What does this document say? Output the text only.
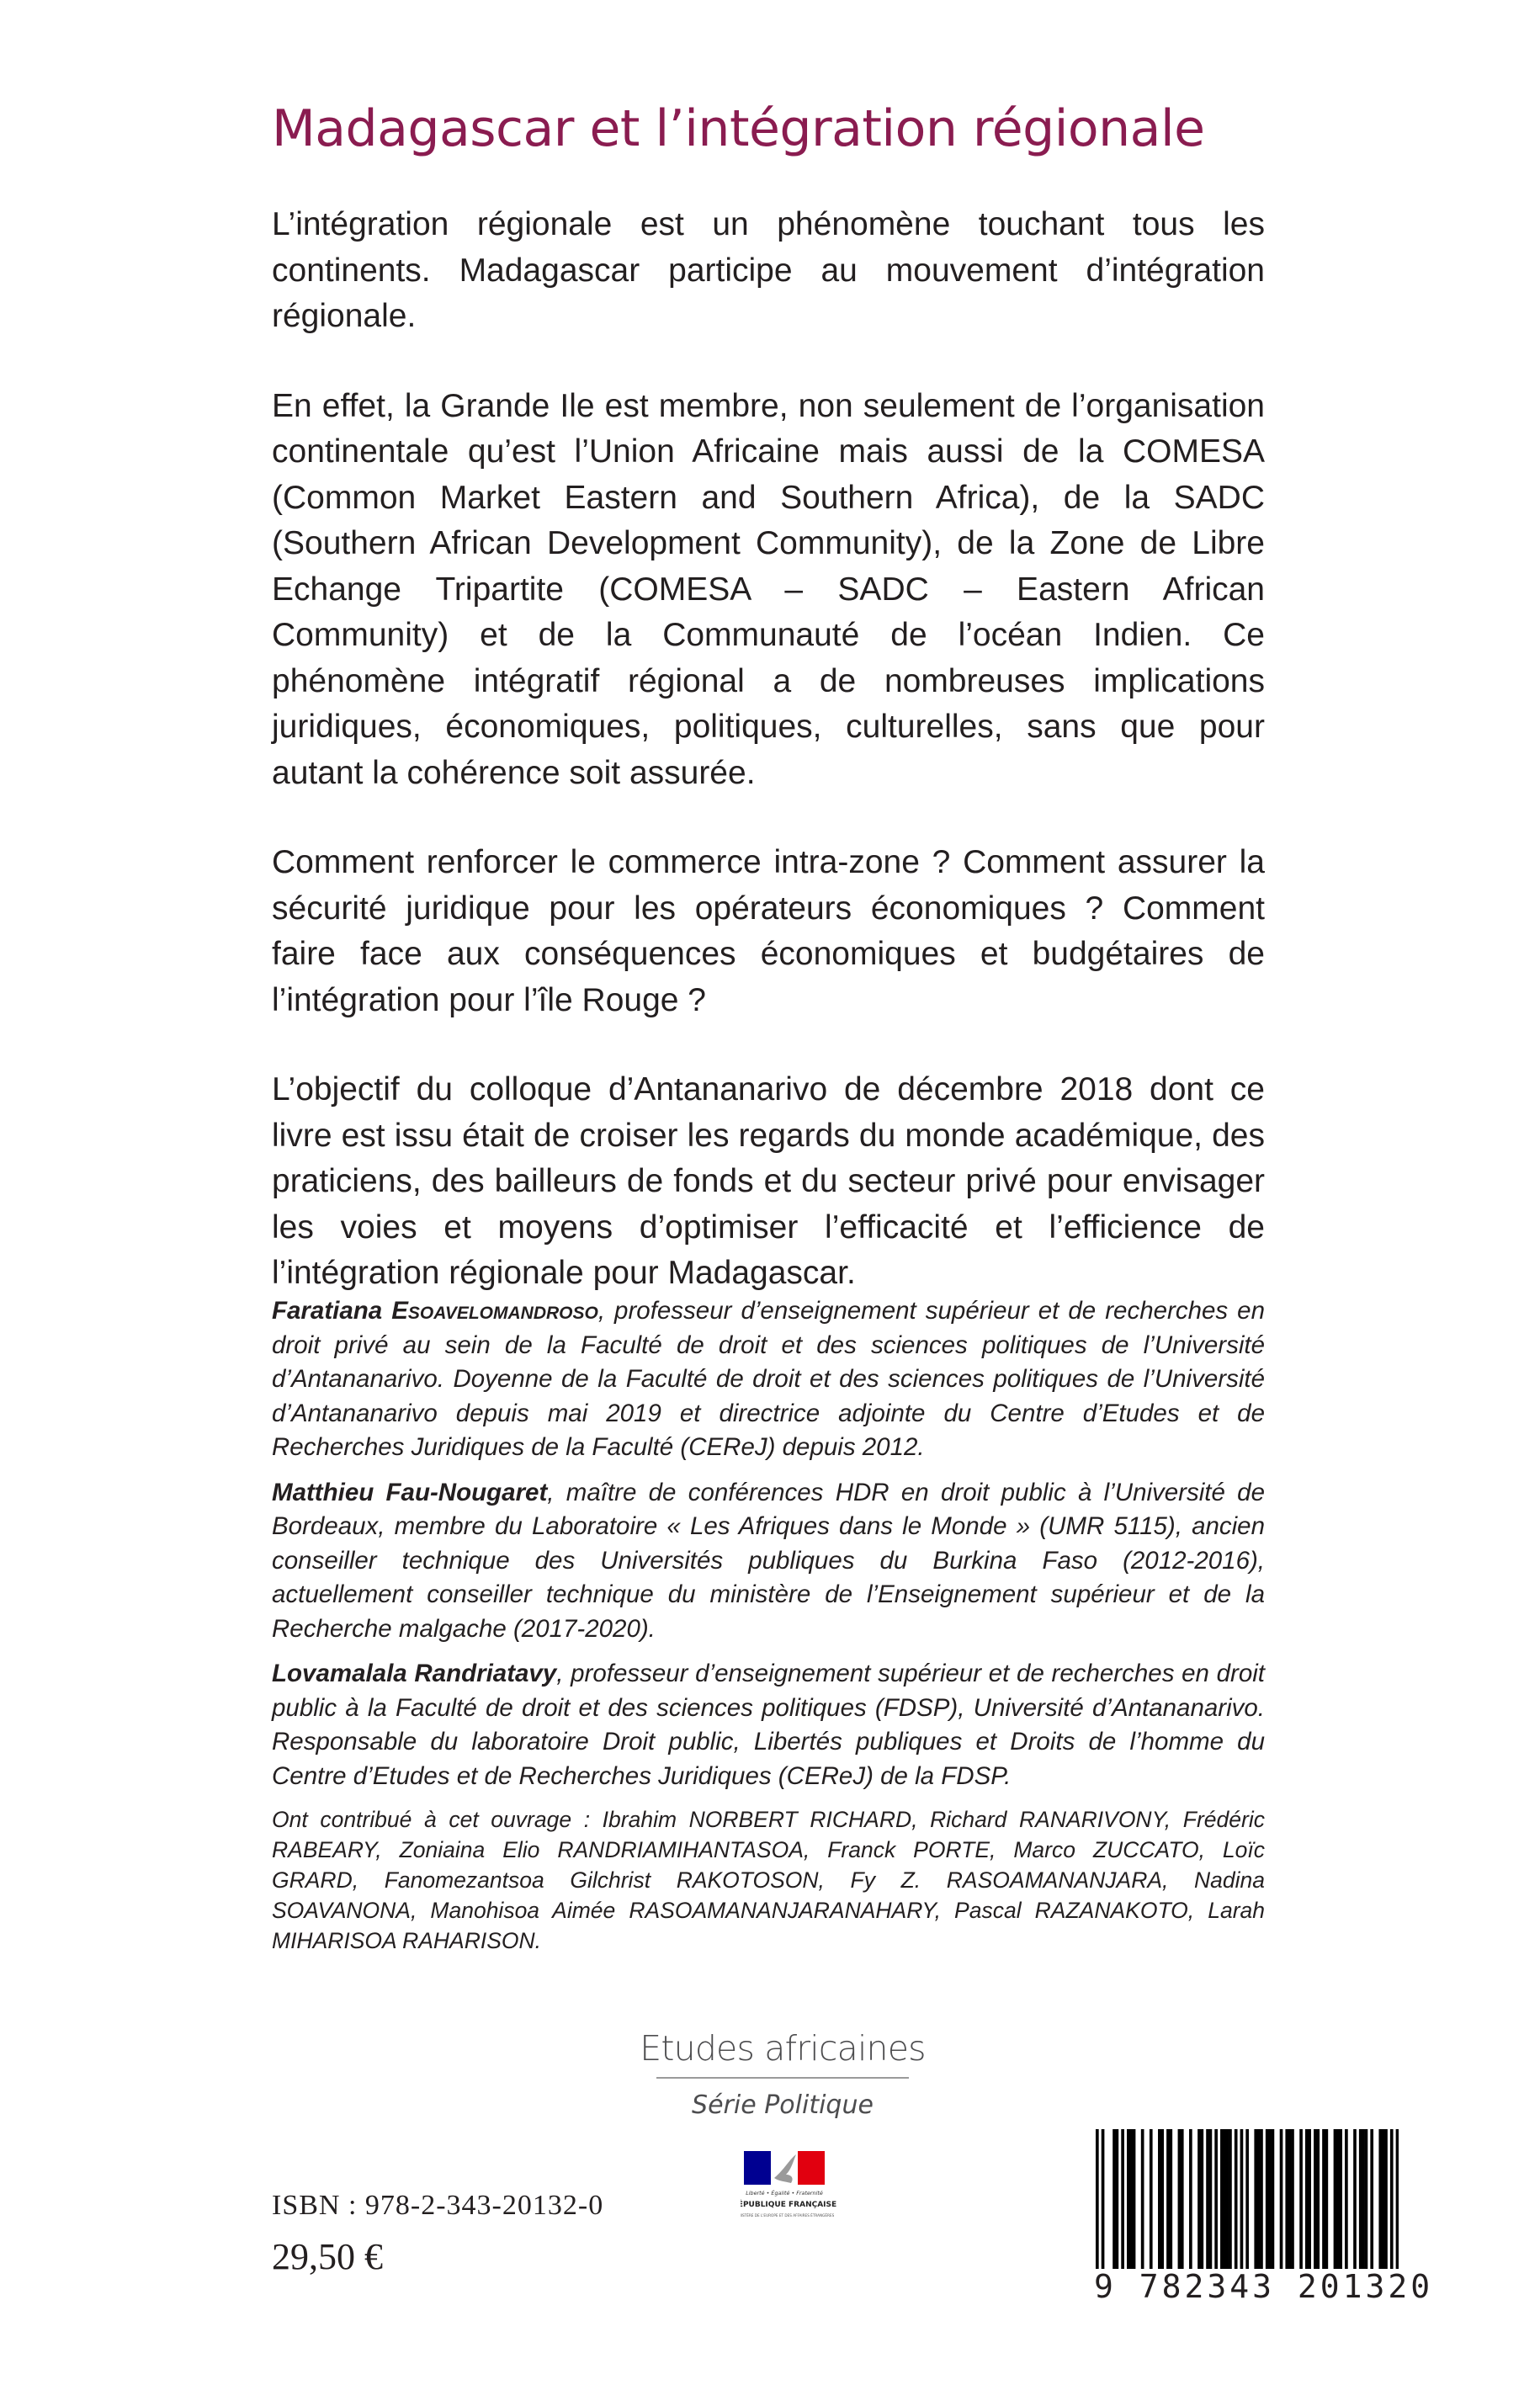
Madagascar et l’intégration régionale

L’intégration régionale est un phénomène touchant tous les continents. Madagascar participe au mouvement d’intégration régionale.

En effet, la Grande Ile est membre, non seulement de l’organisation continentale qu’est l’Union Africaine mais aussi de la COMESA (Common Market Eastern and Southern Africa), de la SADC (Southern African Development Community), de la Zone de Libre Echange Tripartite (COMESA – SADC – Eastern African Community) et de la Communauté de l’océan Indien. Ce phénomène intégratif régional a de nombreuses implications juridiques, économiques, politiques, culturelles, sans que pour autant la cohérence soit assurée.

Comment renforcer le commerce intra-zone ? Comment assurer la sécurité juridique pour les opérateurs économiques ? Comment faire face aux conséquences économiques et budgétaires de l’intégration pour l’île Rouge ?

L’objectif du colloque d’Antananarivo de décembre 2018 dont ce livre est issu était de croiser les regards du monde académique, des praticiens, des bailleurs de fonds et du secteur privé pour envisager les voies et moyens d’optimiser l’efficacité et l’efficience de l’intégration régionale pour Madagascar.

Faratiana Esoavelomandroso, professeur d’enseignement supérieur et de recherches en droit privé au sein de la Faculté de droit et des sciences politiques de l’Université d’Antananarivo. Doyenne de la Faculté de droit et des sciences politiques de l’Université d’Antananarivo depuis mai 2019 et directrice adjointe du Centre d’Etudes et de Recherches Juridiques de la Faculté (CEReJ) depuis 2012.

Matthieu Fau-Nougaret, maître de conférences HDR en droit public à l’Université de Bordeaux, membre du Laboratoire « Les Afriques dans le Monde » (UMR 5115), ancien conseiller technique des Universités publiques du Burkina Faso (2012-2016), actuellement conseiller technique du ministère de l’Enseignement supérieur et de la Recherche malgache (2017-2020).

Lovamalala Randriatavy, professeur d’enseignement supérieur et de recherches en droit public à la Faculté de droit et des sciences politiques (FDSP), Université d’Antananarivo. Responsable du laboratoire Droit public, Libertés publiques et Droits de l’homme du Centre d’Etudes et de Recherches Juridiques (CEReJ) de la FDSP.

Ont contribué à cet ouvrage : Ibrahim NORBERT RICHARD, Richard RANARIVONY, Frédéric RABEARY, Zoniaina Elio RANDRIAMIHANTASOA, Franck PORTE, Marco ZUCCATO, Loïc GRARD, Fanomezantsoa Gilchrist RAKOTOSON, Fy Z. RASOAMANANJARA, Nadina SOAVANONA, Manohisoa Aimée RASOAMANANJARANAHARY, Pascal RAZANAKOTO, Larah MIHARISOA RAHARISON.

Etudes africaines
Série Politique
Liberté • Égalité • Fraternité
RÉPUBLIQUE FRANÇAISE
MINISTÈRE DE L'EUROPE ET DES AFFAIRES ÉTRANGÈRES
ISBN : 978-2-343-20132-0
29,50 €
9 782343 201320
